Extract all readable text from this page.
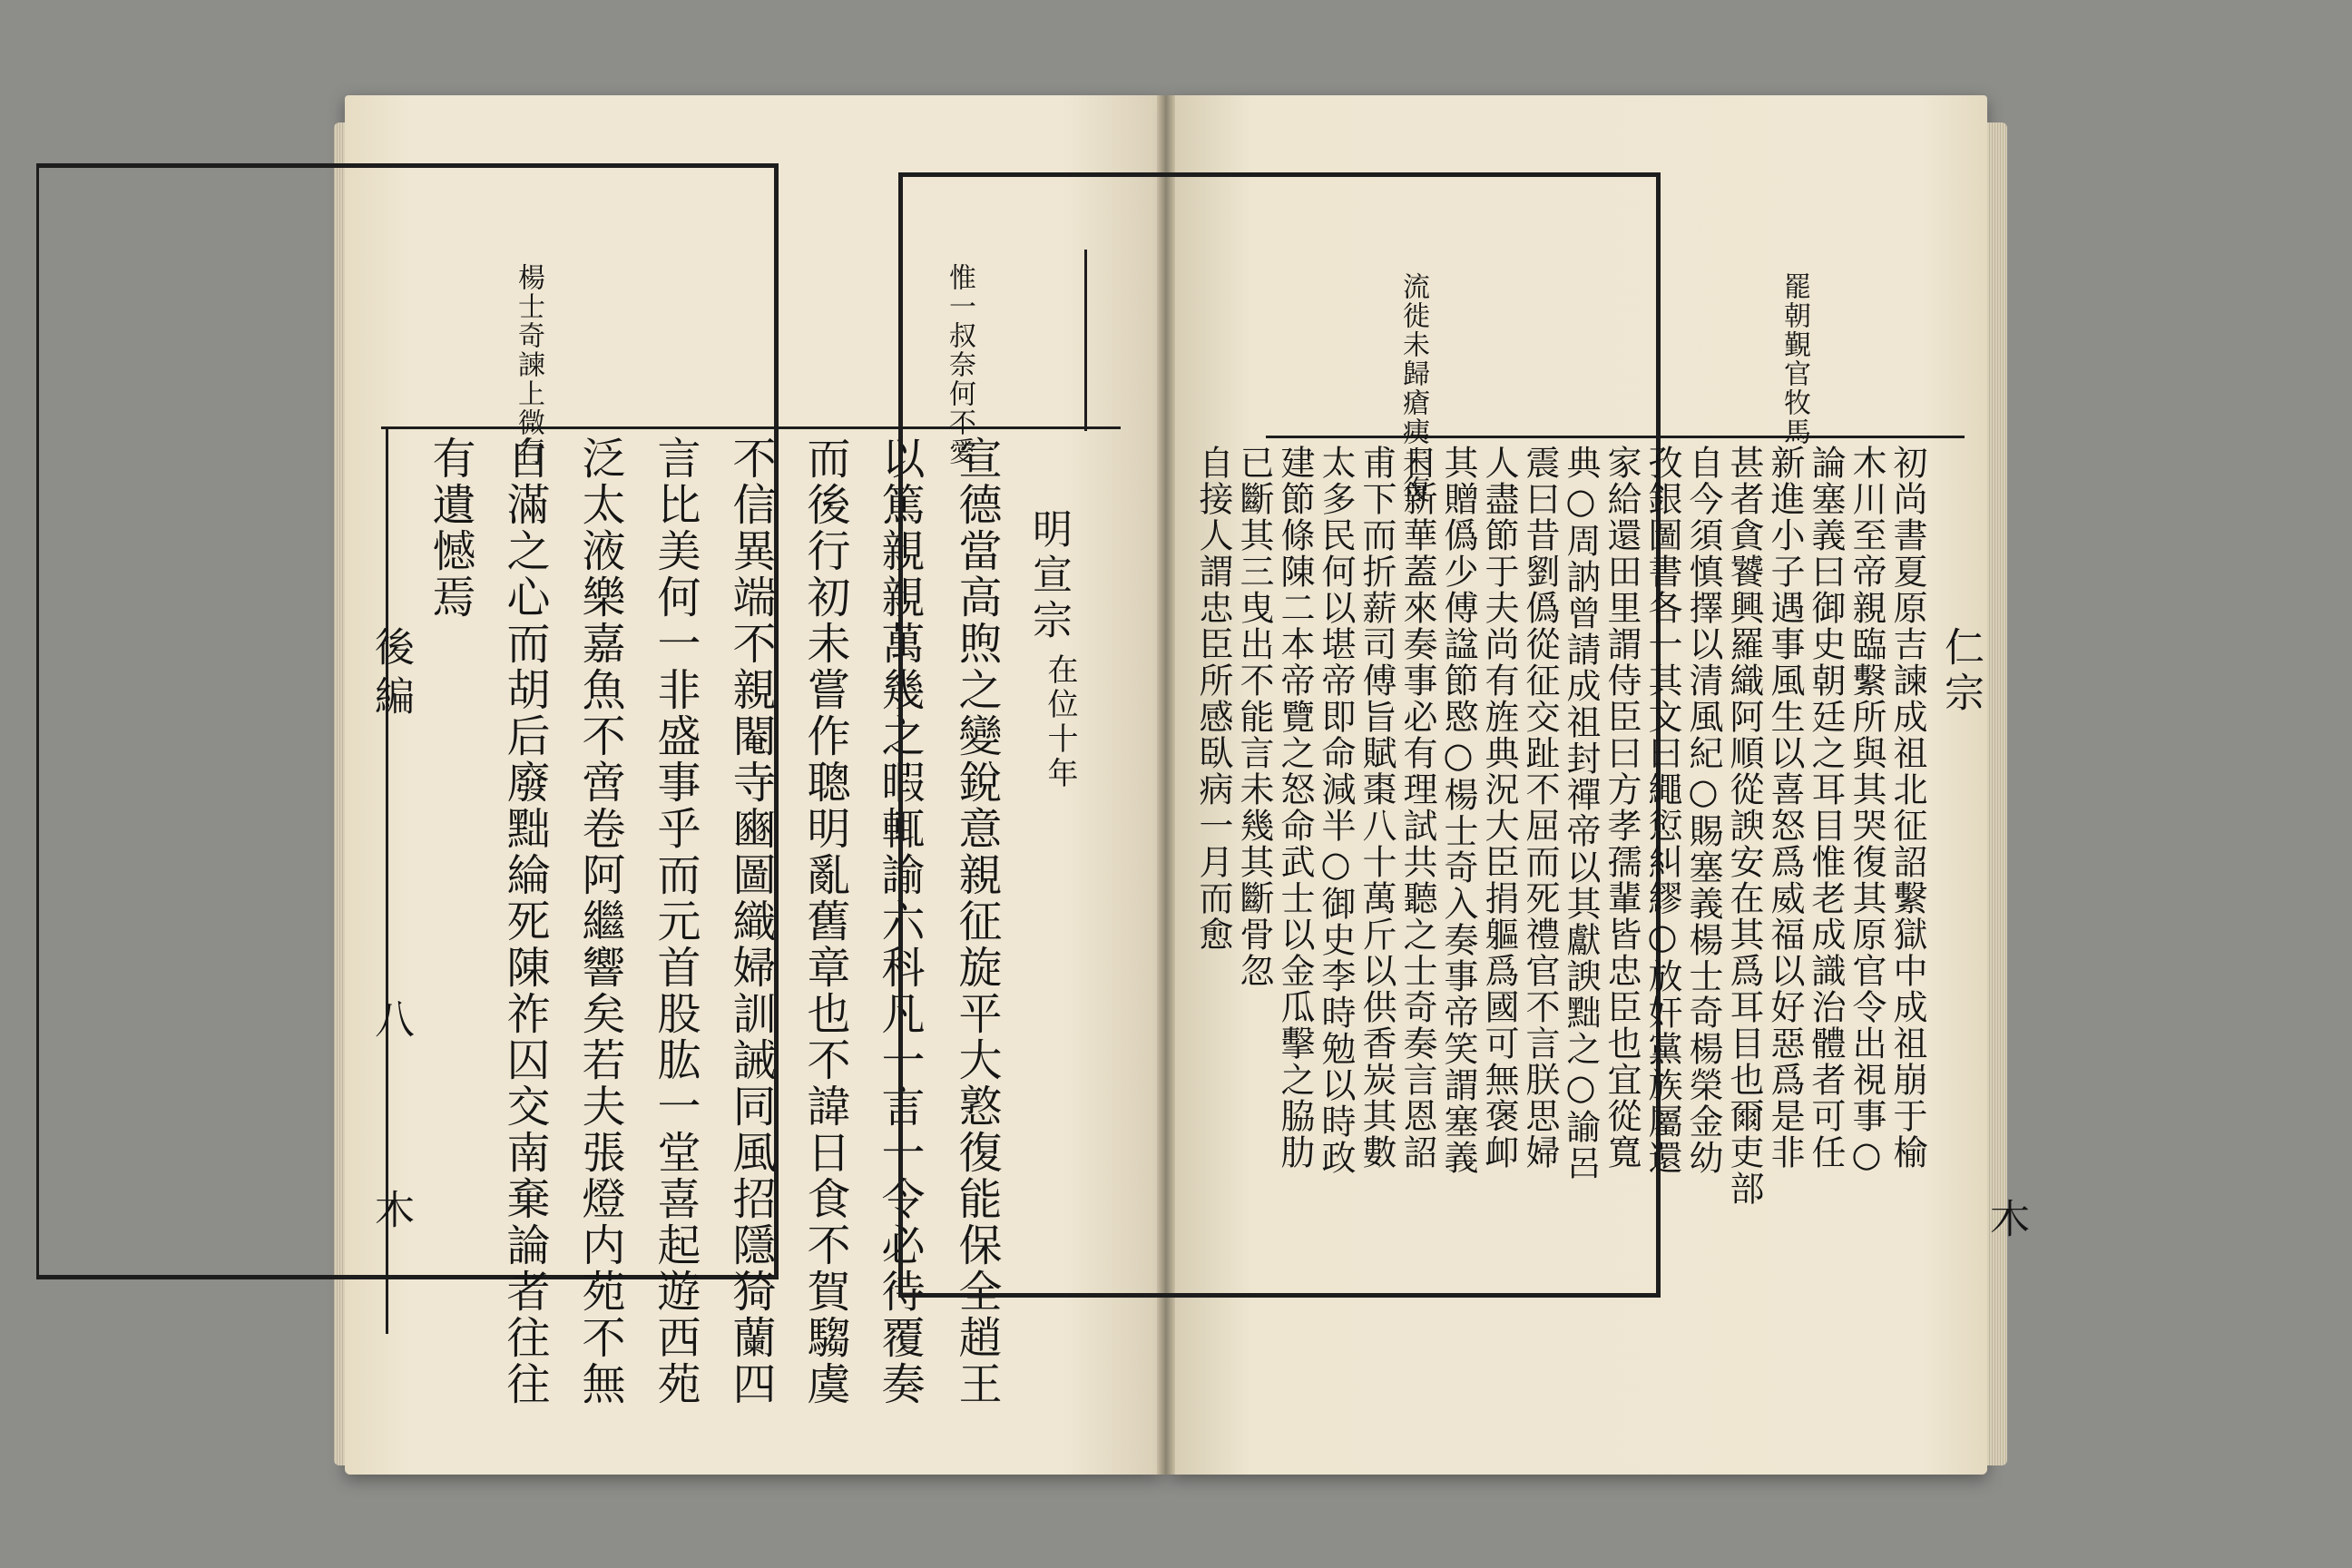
惟一叔奈何不愛
楊士奇諫上微行
明宣宗
在位十年
宣德當高煦之變銳意親征旋平大憝復能保全趙王
以篤親親萬幾之暇輒諭六科凡一言一令必待覆奏
而後行初未嘗作聰明亂舊章也不諱日食不賀騶虞
不信異端不親閹寺豳圖織婦訓誡同風招隱猗蘭四
言比美何一非盛事乎而元首股肱一堂喜起遊西苑
泛太液樂嘉魚不啻卷阿繼響矣若夫張燈内苑不無
自滿之心而胡后廢黜綸死陳祚囚交南棄論者往往
有遺憾焉
後編
八
木
罷朝覲官牧馬
流徙未歸瘡痍未復
仁宗
初尚書夏原吉諫成祖北征詔繫獄中成祖崩于榆
木川至帝親臨繫所與其哭復其原官令出視事○
論塞義曰御史朝廷之耳目惟老成識治體者可任
新進小子遇事風生以喜怒爲威福以好惡爲是非
甚者貪饕興羅織阿順從諛安在其爲耳目也爾吏部
自今須慎擇以清風紀○賜塞義楊士奇楊榮金幼
孜銀圖書各一其文曰繩愆糾繆○放奸黨族屬還
家給還田里謂侍臣曰方孝孺輩皆忠臣也宜從寬
典○周訥曾請成祖封禪帝以其獻諛黜之○諭呂
震曰昔劉僞從征交趾不屈而死禮官不言朕思婦
人盡節于夫尚有旌典況大臣捐軀爲國可無褒卹
其贈僞少傅諡節愍○楊士奇入奏事帝笑謂塞義
日新華蓋來奏事必有理試共聽之士奇奏言恩詔
甫下而折薪司傅旨賦棗八十萬斤以供香炭其數
太多民何以堪帝即命減半○御史李時勉以時政
建節條陳二本帝覽之怒命武士以金瓜擊之脇肋
已斷其三曳出不能言未幾其斷骨忽
自接人謂忠臣所感臥病一月而愈
木
